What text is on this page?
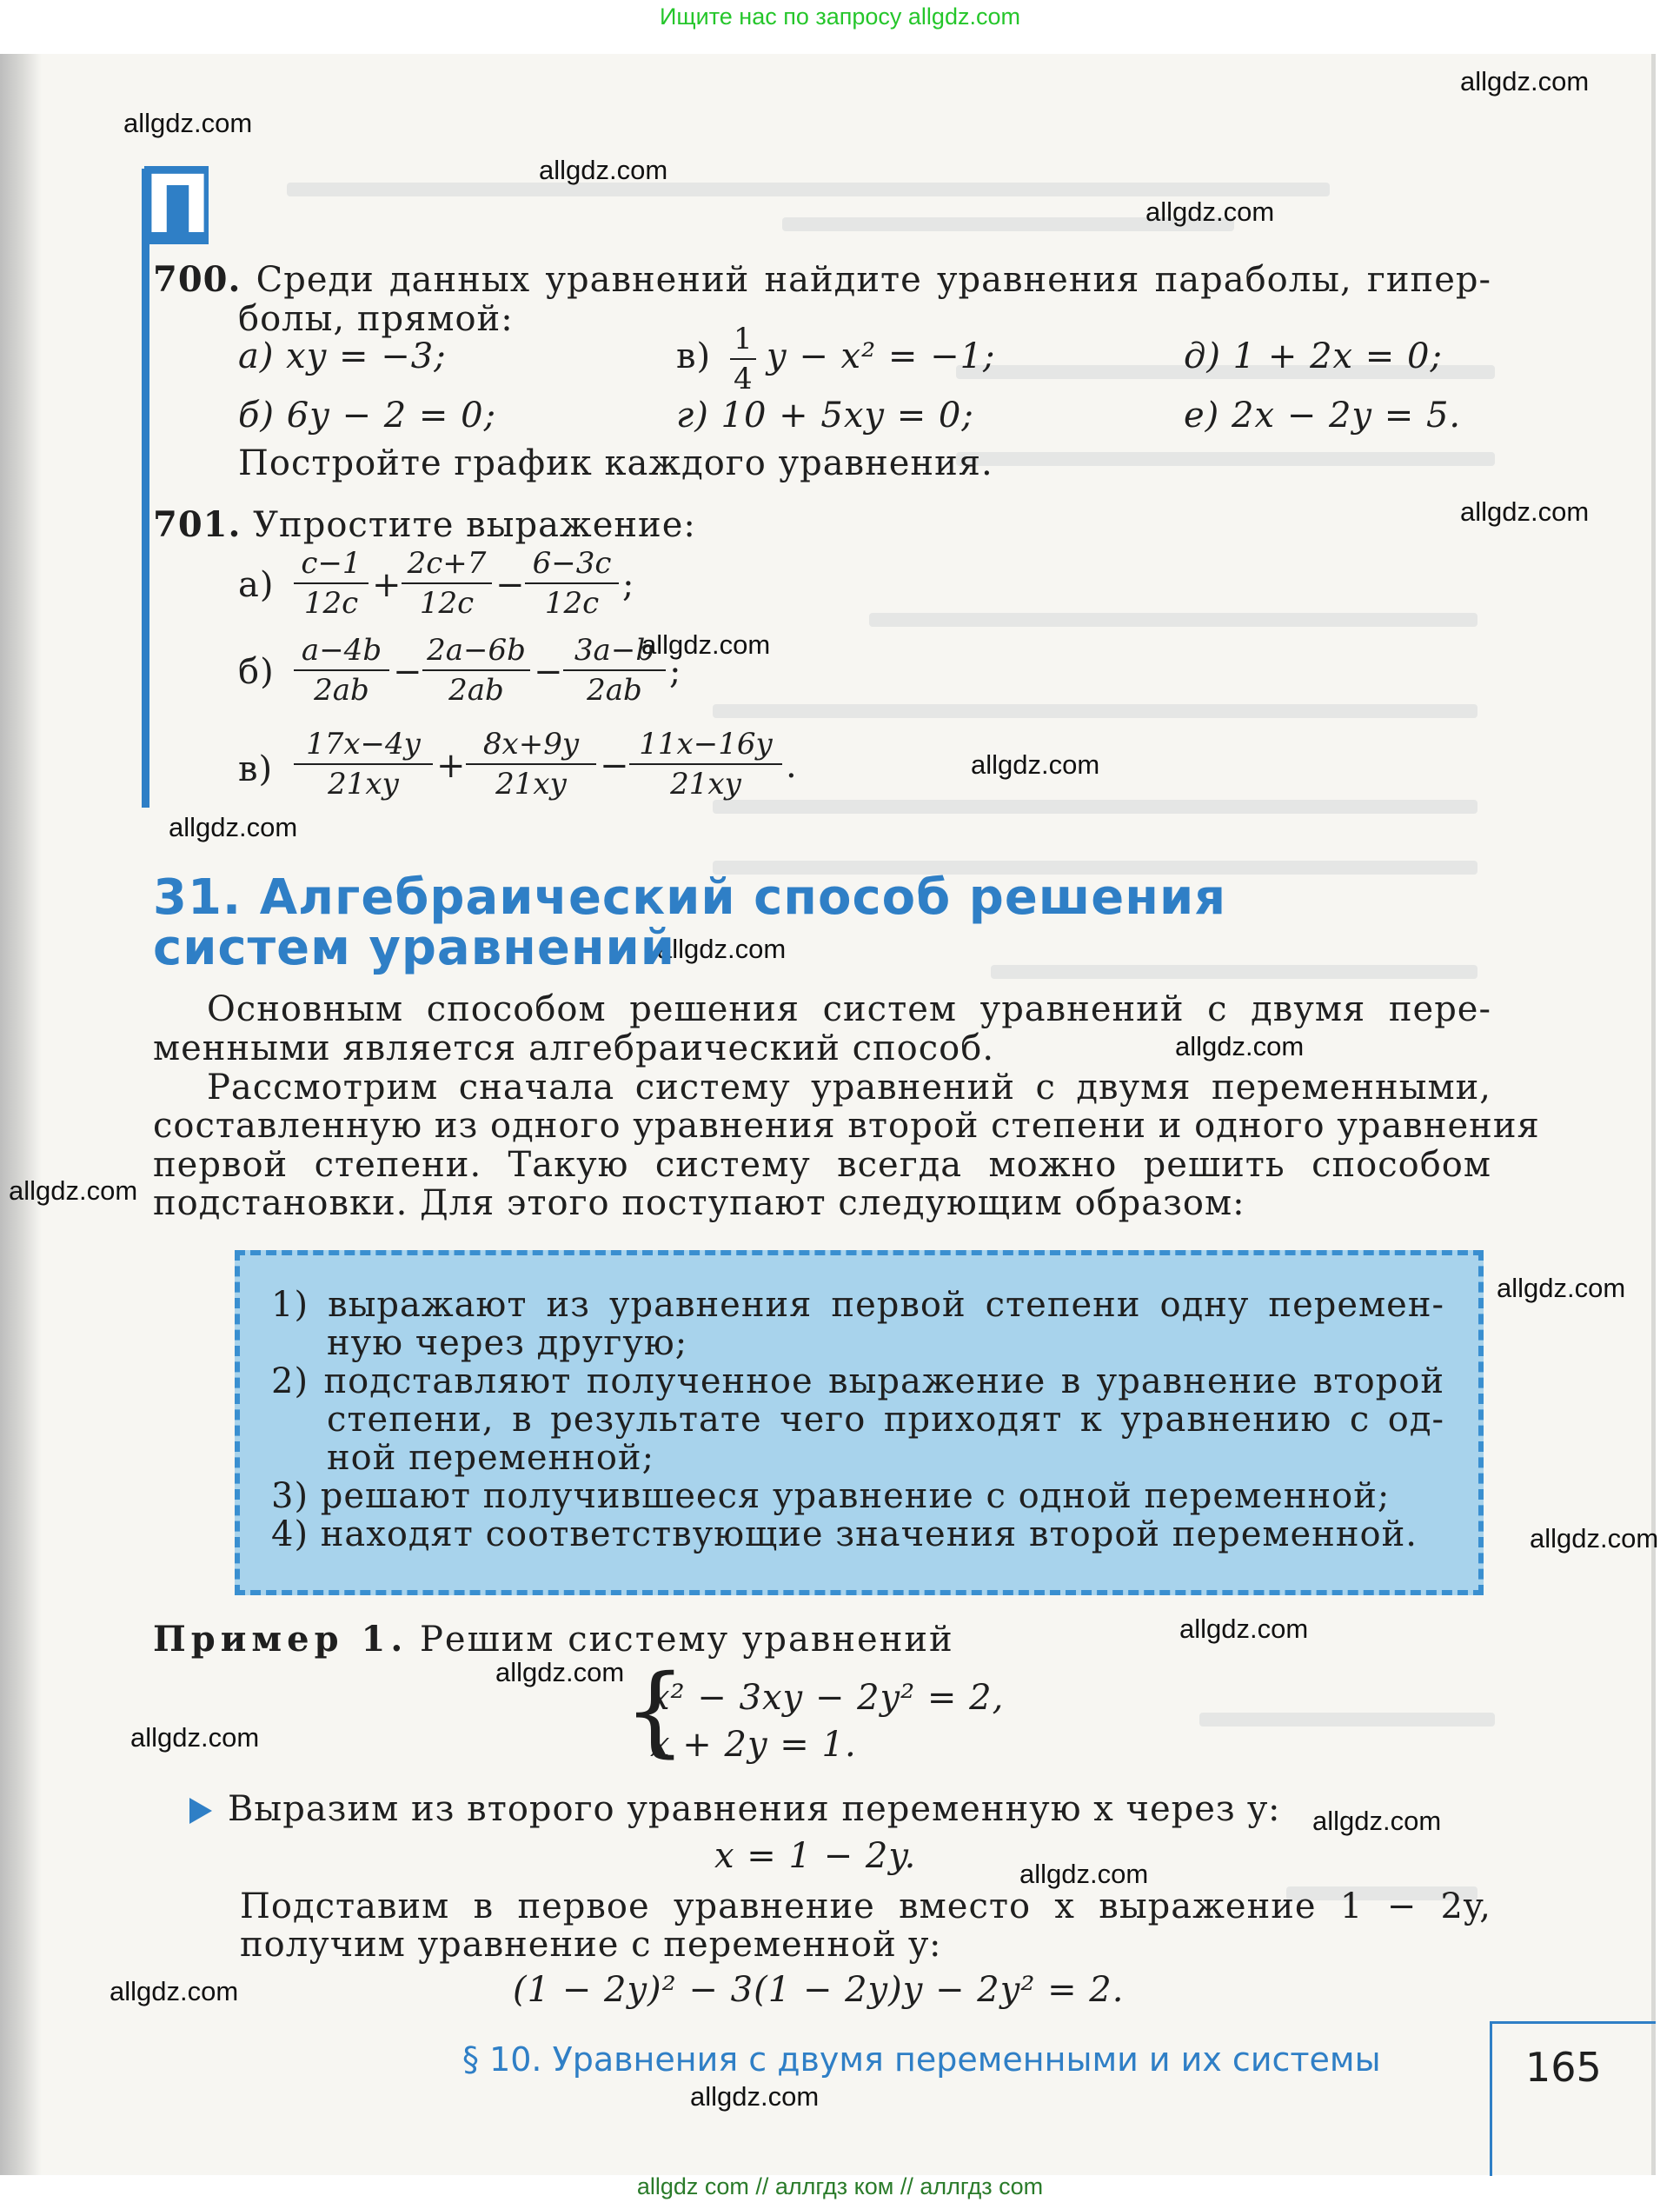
Ищите нас по запросу allgdz.com
allgdz com // аллгдз ком // аллгдз com
allgdz.com
allgdz.com
allgdz.com
allgdz.com
allgdz.com
allgdz.com
allgdz.com
allgdz.com
allgdz.com
allgdz.com
allgdz.com
allgdz.com
allgdz.com
allgdz.com
allgdz.com
allgdz.com
allgdz.com
allgdz.com
allgdz.com
allgdz.com
П
700. Среди данных уравнений найдите уравнения параболы, гипер-
болы, прямой:
а) xy = −3;	$в) \frac{1}{4}$ y − x² = −1;	д) 1 + 2x = 0;
б) 6y − 2 = 0;	г) 10 + 5xy = 0;	е) 2x − 2y = 5.
Постройте график каждого уравнения.
701. Упростите выражение:
$а) \frac{c-1}{12c} + \frac{2c+7}{12c} - \frac{6-3c}{12c}$ ;
$б) \frac{a-4b}{2ab} - \frac{2a-6b}{2ab} - \frac{3a-b}{2ab}$ ;
$в) \frac{17x-4y}{21xy} + \frac{8x+9y}{21xy} - \frac{11x-16y}{21xy}$ .
31. Алгебраический способ решения
систем уравнений
Основным способом решения систем уравнений с двумя пере-
менными является алгебраический способ.
Рассмотрим сначала систему уравнений с двумя переменными,
составленную из одного уравнения второй степени и одного уравнения
первой степени. Такую систему всегда можно решить способом
подстановки. Для этого поступают следующим образом:
1) выражают из уравнения первой степени одну перемен-
ную через другую;
2) подставляют полученное выражение в уравнение второй
степени, в результате чего приходят к уравнению с од-
ной переменной;
3) решают получившееся уравнение с одной переменной;
4) находят соответствующие значения второй переменной.
Пример 1. Решим систему уравнений
{
x² − 3xy − 2y² = 2,
x + 2y = 1.
Выразим из второго уравнения переменную x через y:
x = 1 − 2y.
Подставим в первое уравнение вместо x выражение 1 − 2y,
получим уравнение с переменной y:
(1 − 2y)² − 3(1 − 2y)y − 2y² = 2.
§ 10. Уравнения с двумя переменными и их системы	165
